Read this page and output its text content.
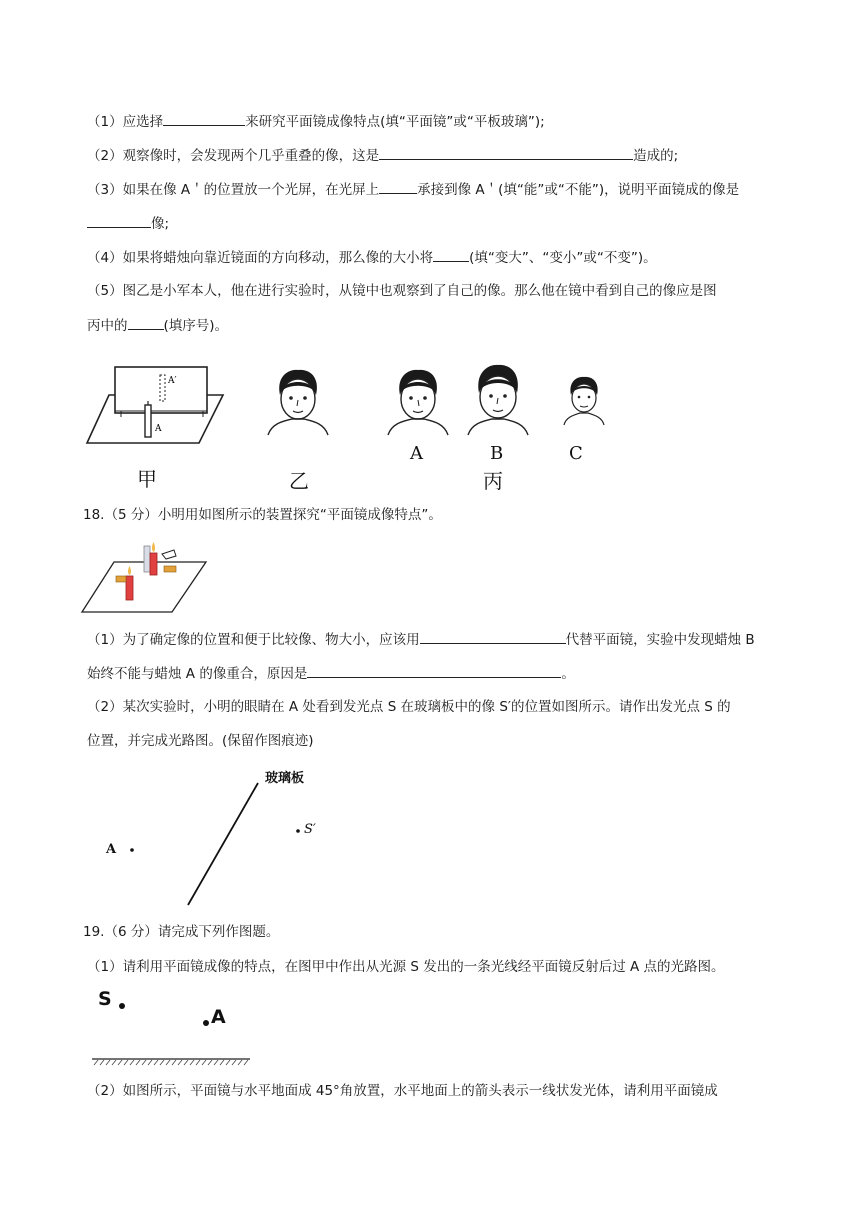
（1）应选择	来研究平面镜成像特点(填“平面镜”或“平板玻璃”);
（2）观察像时，会发现两个几乎重叠的像，这是	造成的;
（3）如果在像 A＇的位置放一个光屏，在光屏上	承接到像 A＇(填“能”或“不能”)，说明平面镜成的像是
像;
（4）如果将蜡烛向靠近镜面的方向移动，那么像的大小将	(填“变大”、“变小”或“不变”)。
（5）图乙是小军本人，他在进行实验时，从镜中也观察到了自己的像。那么他在镜中看到自己的像应是图
丙中的	(填序号)。
A′
A
甲	乙
A	B
丙
C
18.（5 分）小明用如图所示的装置探究“平面镜成像特点”。
（1）为了确定像的位置和便于比较像、物大小，应该用	代替平面镜，实验中发现蜡烛 B
始终不能与蜡烛 A 的像重合，原因是	。
（2）某次实验时，小明的眼睛在 A 处看到发光点 S 在玻璃板中的像 S′的位置如图所示。请作出发光点 S 的
位置，并完成光路图。(保留作图痕迹)
玻璃板
A
S′
19.（6 分）请完成下列作图题。
（1）请利用平面镜成像的特点，在图甲中作出从光源 S 发出的一条光线经平面镜反射后过 A 点的光路图。
S
A
（2）如图所示，平面镜与水平地面成 45°角放置，水平地面上的箭头表示一线状发光体，请利用平面镜成
